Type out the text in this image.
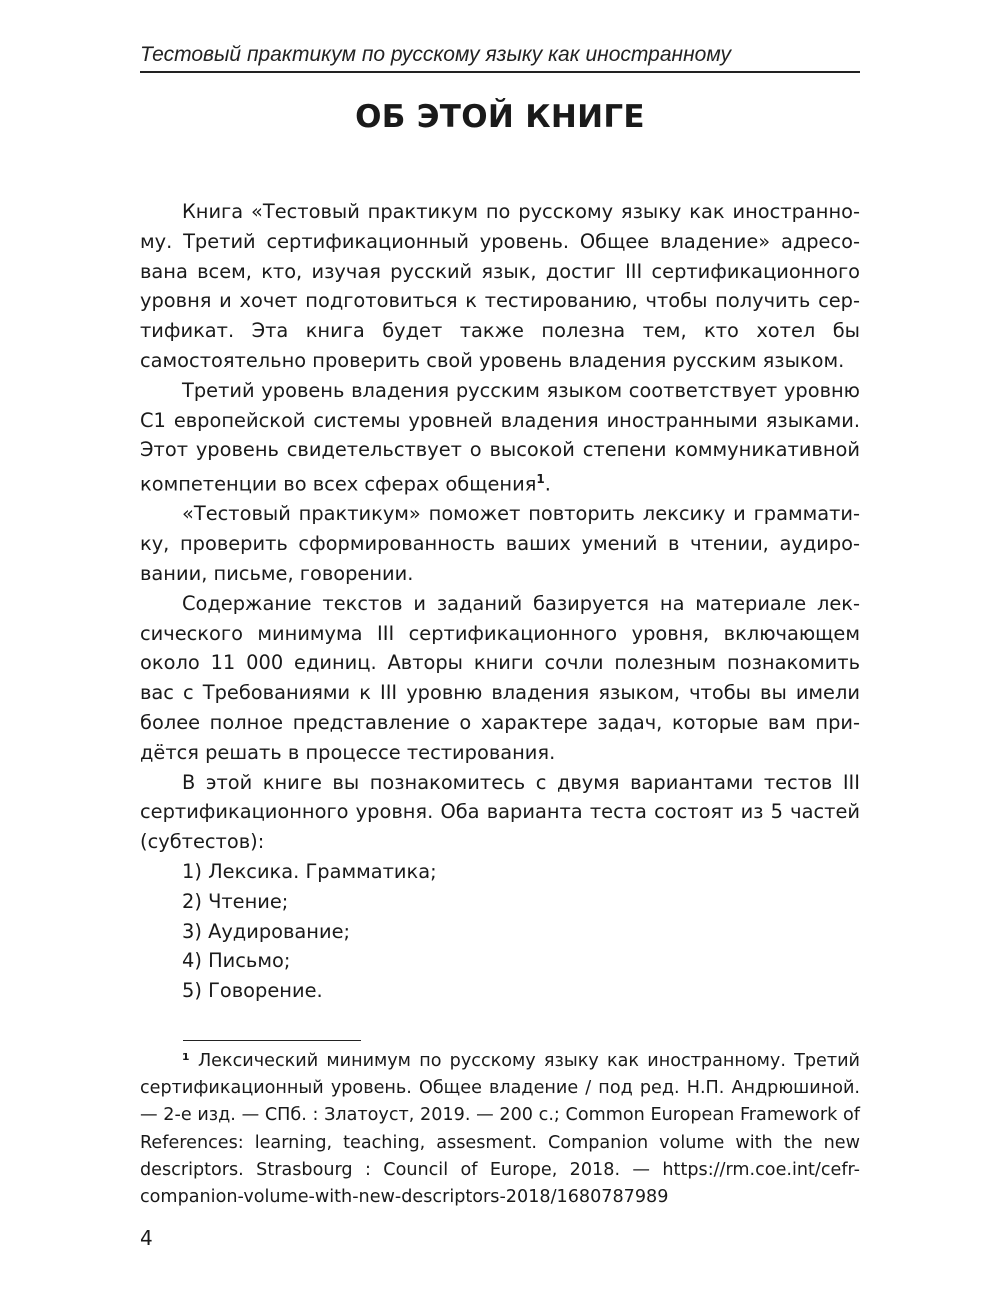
Тестовый практикум по русскому языку как иностранному
ОБ ЭТОЙ КНИГЕ

Книга «Тестовый практикум по русскому языку как иностранному. Третий сертификационный уровень. Общее владение» адресована всем, кто, изучая русский язык, достиг III сертификационного уровня и хочет подготовиться к тестированию, чтобы получить сертификат. Эта книга будет также полезна тем, кто хотел бы самостоятельно проверить свой уровень владения русским языком.

Третий уровень владения русским языком соответствует уровню С1 европейской системы уровней владения иностранными языками. Этот уровень свидетельствует о высокой степени коммуникативной компетенции во всех сферах общения$^1$.

«Тестовый практикум» поможет повторить лексику и грамматику, проверить сформированность ваших умений в чтении, аудировании, письме, говорении.

Содержание текстов и заданий базируется на материале лексического минимума III сертификационного уровня, включающем около 11 000 единиц. Авторы книги сочли полезным познакомить вас с Требованиями к III уровню владения языком, чтобы вы имели более полное представление о характере задач, которые вам придётся решать в процессе тестирования.

В этой книге вы познакомитесь с двумя вариантами тестов III сертификационного уровня. Оба варианта теста состоят из 5 частей (субтестов):

1) Лексика. Грамматика;
2) Чтение;
3) Аудирование;
4) Письмо;
5) Говорение.

¹ Лексический минимум по русскому языку как иностранному. Третий сертификационный уровень. Общее владение / под ред. Н.П. Андрюшиной. — 2-е изд. — СПб. : Златоуст, 2019. — 200 с.; Common European Framework of References: learning, teaching, assesment. Companion volume with the new descriptors. Strasbourg : Council of Europe, 2018. — https://rm.coe.int/cefr-companion-volume-with-new-descriptors-2018/1680787989

4
